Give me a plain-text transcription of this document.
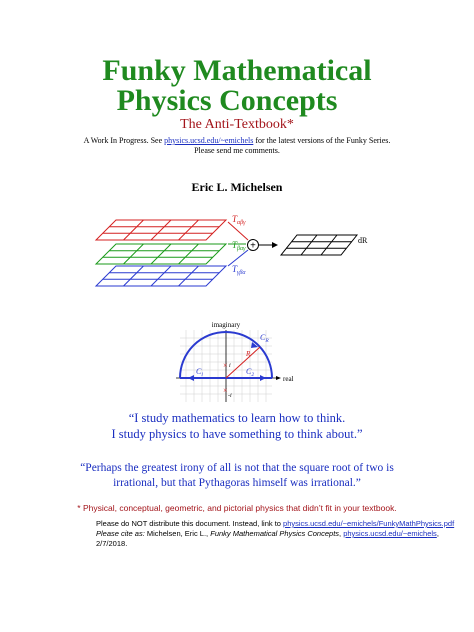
Funky Mathematical
Physics Concepts
The Anti-Textbook*
A Work In Progress. See physics.ucsd.edu/~emichels for the latest versions of the Funky Series.
Please send me comments.
Eric L. Michelsen
$T_{\alpha\beta\gamma}$
$T_{\beta\alpha\gamma}$
$T_{\gamma\beta\alpha}$
+	dR
imaginary
real
R
$C_R$
$C_l$	$C_2$
× i
×
-i
“I study mathematics to learn how to think.
I study physics to have something to think about.”
“Perhaps the greatest irony of all is not that the square root of two is
irrational, but that Pythagoras himself was irrational.”
* Physical, conceptual, geometric, and pictorial physics that didn’t fit in your textbook.
Please do NOT distribute this document. Instead, link to physics.ucsd.edu/~emichels/FunkyMathPhysics.pdf
Please cite as: Michelsen, Eric L., Funky Mathematical Physics Concepts, physics.ucsd.edu/~emichels, 2/7/2018.
